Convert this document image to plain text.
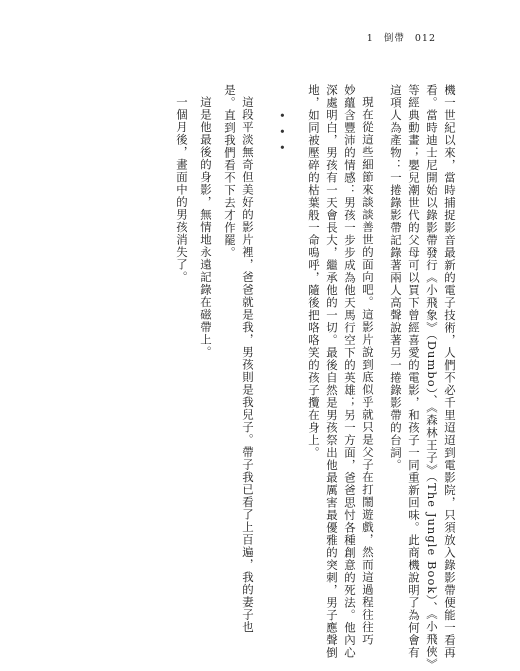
1 倒帶 012
機一世紀以來，當時捕捉影音最新的電子技術，人們不必千里迢迢到電影院，只須放入錄影帶便能一看再
看。當時迪士尼開始以錄影帶發行《小飛象》（Dumbo）、《森林王子》（The Jungle Book）、《小飛俠》
等經典動畫；嬰兒潮世代的父母可以買下曾經喜愛的電影，和孩子一同重新回味。此商機說明了為何會有
這項人為產物：一捲錄影帶記錄著兩人高聲說著另一捲錄影帶的台詞。
現在從這些細節來談談善世的面向吧。這影片說到底似乎就只是父子在打鬧遊戲，然而這過程往往巧
妙蘊含豐沛的情感：男孩一步步成為他天馬行空下的英雄；另一方面，爸爸思忖各種創意的死法。他內心
深處明白，男孩有一天會長大，繼承他的一切。最後自然是男孩祭出他最厲害最優雅的突刺，男子應聲倒
地，如同被壓碎的枯葉般一命嗚呼，隨後把咯咯笑的孩子攬在身上。
• • •
這段平淡無奇但美好的影片裡，爸爸就是我，男孩則是我兒子。帶子我已看了上百遍，我的妻子也
是。直到我們看不下去才作罷。
這是他最後的身影，無情地永遠記錄在磁帶上。
一個月後，畫面中的男孩消失了。
